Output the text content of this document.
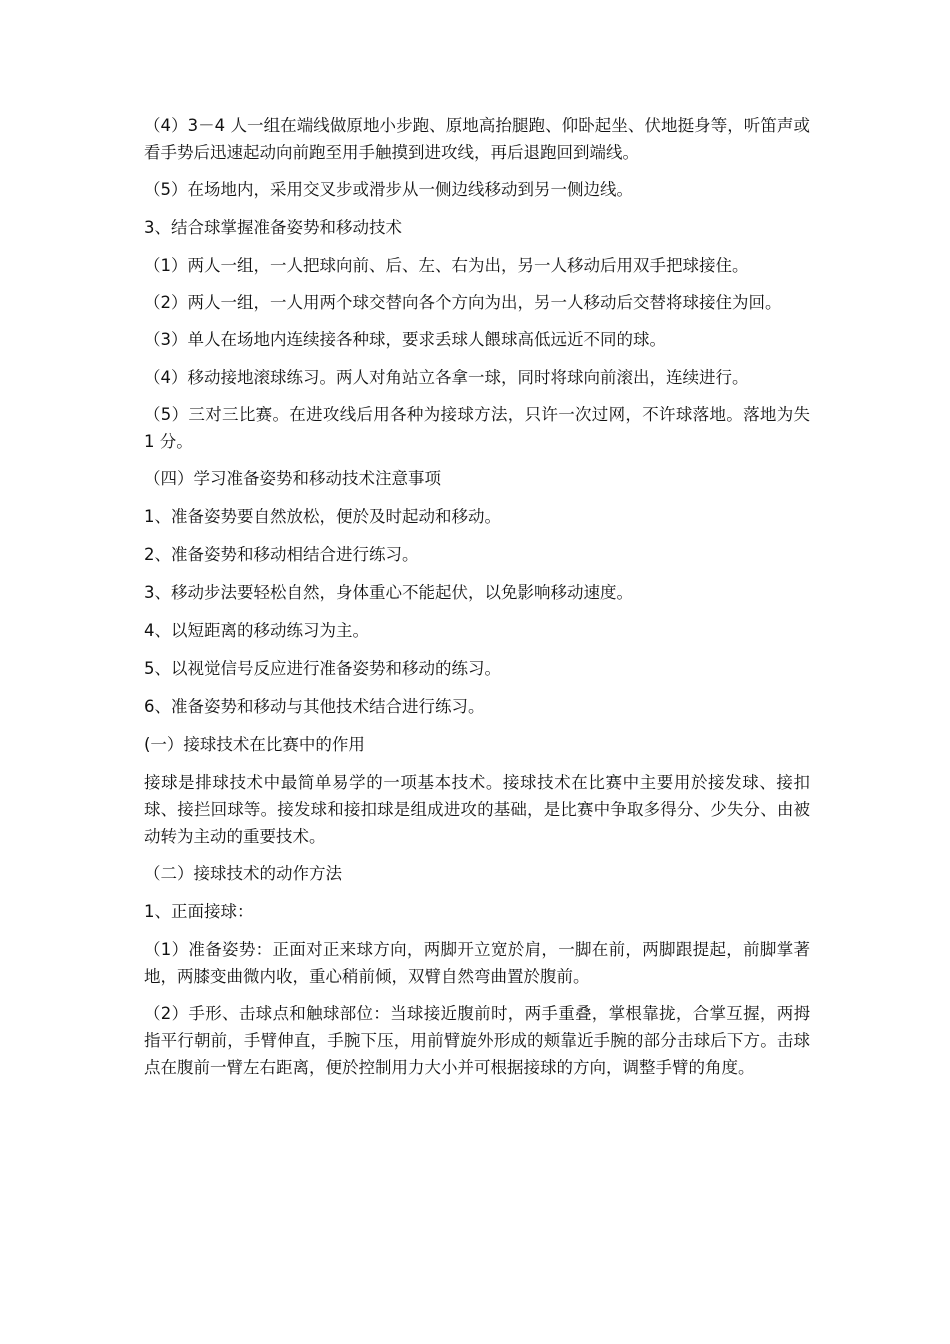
（4）3－4 人一组在端线做原地小步跑、原地高抬腿跑、仰卧起坐、伏地挺身等，听笛声或看手势后迅速起动向前跑至用手触摸到进攻线，再后退跑回到端线。

（5）在场地内，采用交叉步或滑步从一侧边线移动到另一侧边线。

3、结合球掌握准备姿势和移动技术

（1）两人一组，一人把球向前、后、左、右为出，另一人移动后用双手把球接住。

（2）两人一组，一人用两个球交替向各个方向为出，另一人移动后交替将球接住为回。

（3）单人在场地内连续接各种球，要求丢球人餵球高低远近不同的球。

（4）移动接地滚球练习。两人对角站立各拿一球，同时将球向前滚出，连续进行。

（5）三对三比赛。在进攻线后用各种为接球方法，只许一次过网，不许球落地。落地为失 1 分。

（四）学习准备姿势和移动技术注意事项

1、准备姿势要自然放松，便於及时起动和移动。

2、准备姿势和移动相结合进行练习。

3、移动步法要轻松自然，身体重心不能起伏，以免影响移动速度。

4、以短距离的移动练习为主。

5、以视觉信号反应进行准备姿势和移动的练习。

6、准备姿势和移动与其他技术结合进行练习。

(一）接球技术在比赛中的作用

接球是排球技术中最简单易学的一项基本技术。接球技术在比赛中主要用於接发球、接扣球、接拦回球等。接发球和接扣球是组成进攻的基础，是比赛中争取多得分、少失分、由被动转为主动的重要技术。

（二）接球技术的动作方法

1、正面接球：

（1）准备姿势：正面对正来球方向，两脚开立宽於肩，一脚在前，两脚跟提起，前脚掌著地，两膝变曲微内收，重心稍前倾，双臂自然弯曲置於腹前。

（2）手形、击球点和触球部位：当球接近腹前时，两手重叠，掌根靠拢，合掌互握，两拇指平行朝前，手臂伸直，手腕下压，用前臂旋外形成的颊靠近手腕的部分击球后下方。击球点在腹前一臂左右距离，便於控制用力大小并可根据接球的方向，调整手臂的角度。
